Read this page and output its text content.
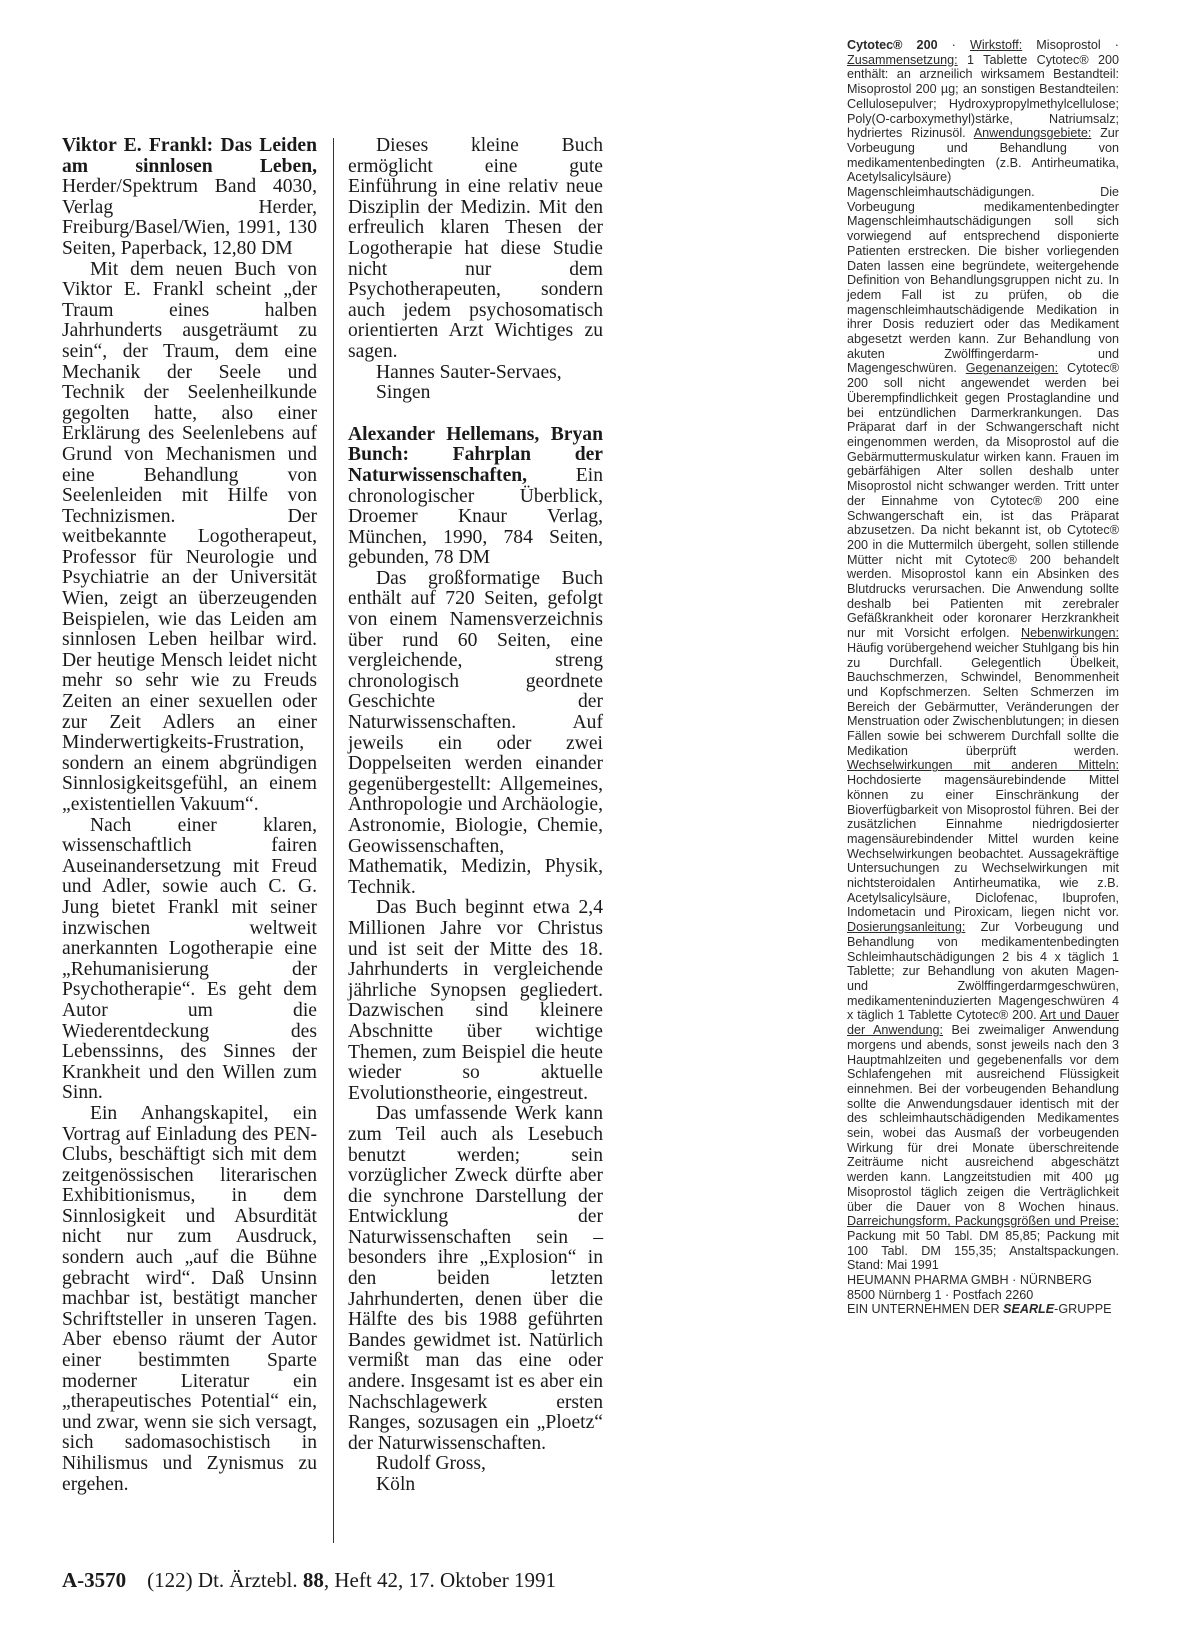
Viktor E. Frankl: Das Leiden am sinnlosen Leben, Herder/Spektrum Band 4030, Verlag Herder, Freiburg/Basel/Wien, 1991, 130 Seiten, Paperback, 12,80 DM

Mit dem neuen Buch von Viktor E. Frankl scheint „der Traum eines halben Jahrhunderts ausgeträumt zu sein“, der Traum, dem eine Mechanik der Seele und Technik der Seelenheilkunde gegolten hatte, also einer Erklärung des Seelenlebens auf Grund von Mechanismen und eine Behandlung von Seelenleiden mit Hilfe von Technizismen. Der weitbekannte Logotherapeut, Professor für Neurologie und Psychiatrie an der Universität Wien, zeigt an überzeugenden Beispielen, wie das Leiden am sinnlosen Leben heilbar wird. Der heutige Mensch leidet nicht mehr so sehr wie zu Freuds Zeiten an einer sexuellen oder zur Zeit Adlers an einer Minderwertigkeits-Frustration, sondern an einem abgründigen Sinnlosigkeitsgefühl, an einem „existentiellen Vakuum“.

Nach einer klaren, wissenschaftlich fairen Auseinandersetzung mit Freud und Adler, sowie auch C. G. Jung bietet Frankl mit seiner inzwischen weltweit anerkannten Logotherapie eine „Rehumanisierung der Psychotherapie“. Es geht dem Autor um die Wiederentdeckung des Lebenssinns, des Sinnes der Krankheit und den Willen zum Sinn.

Ein Anhangskapitel, ein Vortrag auf Einladung des PEN-Clubs, beschäftigt sich mit dem zeitgenössischen literarischen Exhibitionismus, in dem Sinnlosigkeit und Absurdität nicht nur zum Ausdruck, sondern auch „auf die Bühne gebracht wird“. Daß Unsinn machbar ist, bestätigt mancher Schriftsteller in unseren Tagen. Aber ebenso räumt der Autor einer bestimmten Sparte moderner Literatur ein „therapeutisches Potential“ ein, und zwar, wenn sie sich versagt, sich sadomasochistisch in Nihilismus und Zynismus zu ergehen.

Dieses kleine Buch ermöglicht eine gute Einführung in eine relativ neue Disziplin der Medizin. Mit den erfreulich klaren Thesen der Logotherapie hat diese Studie nicht nur dem Psychotherapeuten, sondern auch jedem psychosomatisch orientierten Arzt Wichtiges zu sagen.

Hannes Sauter-Servaes,

Singen

Alexander Hellemans, Bryan Bunch: Fahrplan der Naturwissenschaften, Ein chronologischer Überblick, Droemer Knaur Verlag, München, 1990, 784 Seiten, gebunden, 78 DM

Das großformatige Buch enthält auf 720 Seiten, gefolgt von einem Namensverzeichnis über rund 60 Seiten, eine vergleichende, streng chronologisch geordnete Geschichte der Naturwissenschaften. Auf jeweils ein oder zwei Doppelseiten werden einander gegenübergestellt: Allgemeines, Anthropologie und Archäologie, Astronomie, Biologie, Chemie, Geowissenschaften, Mathematik, Medizin, Physik, Technik.

Das Buch beginnt etwa 2,4 Millionen Jahre vor Christus und ist seit der Mitte des 18. Jahrhunderts in vergleichende jährliche Synopsen gegliedert. Dazwischen sind kleinere Abschnitte über wichtige Themen, zum Beispiel die heute wieder so aktuelle Evolutionstheorie, eingestreut.

Das umfassende Werk kann zum Teil auch als Lesebuch benutzt werden; sein vorzüglicher Zweck dürfte aber die synchrone Darstellung der Entwicklung der Naturwissenschaften sein – besonders ihre „Explosion“ in den beiden letzten Jahrhunderten, denen über die Hälfte des bis 1988 geführten Bandes gewidmet ist. Natürlich vermißt man das eine oder andere. Insgesamt ist es aber ein Nachschlagewerk ersten Ranges, sozusagen ein „Ploetz“ der Naturwissenschaften.

Rudolf Gross,

Köln

A-3570 (122) Dt. Ärztebl. 88, Heft 42, 17. Oktober 1991
Cytotec® 200 · Wirkstoff: Misoprostol · Zusammensetzung: 1 Tablette Cytotec® 200 enthält: an arzneilich wirksamem Bestandteil: Misoprostol 200 µg; an sonstigen Bestandteilen: Cellulosepulver; Hydroxypropylmethylcellulose; Poly(O-carboxymethyl)stärke, Natriumsalz; hydriertes Rizinusöl. Anwendungsgebiete: Zur Vorbeugung und Behandlung von medikamentenbedingten (z.B. Antirheumatika, Acetylsalicylsäure) Magenschleimhautschädigungen. Die Vorbeugung medikamentenbedingter Magenschleimhautschädigungen soll sich vorwiegend auf entsprechend disponierte Patienten erstrecken. Die bisher vorliegenden Daten lassen eine begründete, weitergehende Definition von Behandlungsgruppen nicht zu. In jedem Fall ist zu prüfen, ob die magenschleimhautschädigende Medikation in ihrer Dosis reduziert oder das Medikament abgesetzt werden kann. Zur Behandlung von akuten Zwölffingerdarm- und Magengeschwüren. Gegenanzeigen: Cytotec® 200 soll nicht angewendet werden bei Überempfindlichkeit gegen Prostaglandine und bei entzündlichen Darmerkrankungen. Das Präparat darf in der Schwangerschaft nicht eingenommen werden, da Misoprostol auf die Gebärmuttermuskulatur wirken kann. Frauen im gebärfähigen Alter sollen deshalb unter Misoprostol nicht schwanger werden. Tritt unter der Einnahme von Cytotec® 200 eine Schwangerschaft ein, ist das Präparat abzusetzen. Da nicht bekannt ist, ob Cytotec® 200 in die Muttermilch übergeht, sollen stillende Mütter nicht mit Cytotec® 200 behandelt werden. Misoprostol kann ein Absinken des Blutdrucks verursachen. Die Anwendung sollte deshalb bei Patienten mit zerebraler Gefäßkrankheit oder koronarer Herzkrankheit nur mit Vorsicht erfolgen. Nebenwirkungen: Häufig vorübergehend weicher Stuhlgang bis hin zu Durchfall. Gelegentlich Übelkeit, Bauchschmerzen, Schwindel, Benommenheit und Kopfschmerzen. Selten Schmerzen im Bereich der Gebärmutter, Veränderungen der Menstruation oder Zwischenblutungen; in diesen Fällen sowie bei schwerem Durchfall sollte die Medikation überprüft werden. Wechselwirkungen mit anderen Mitteln: Hochdosierte magensäurebindende Mittel können zu einer Einschränkung der Bioverfügbarkeit von Misoprostol führen. Bei der zusätzlichen Einnahme niedrigdosierter magensäurebindender Mittel wurden keine Wechselwirkungen beobachtet. Aussagekräftige Untersuchungen zu Wechselwirkungen mit nichtsteroidalen Antirheumatika, wie z.B. Acetylsalicylsäure, Diclofenac, Ibuprofen, Indometacin und Piroxicam, liegen nicht vor. Dosierungsanleitung: Zur Vorbeugung und Behandlung von medikamentenbedingten Schleimhautschädigungen 2 bis 4 x täglich 1 Tablette; zur Behandlung von akuten Magen- und Zwölffingerdarmgeschwüren, medikamenteninduzierten Magengeschwüren 4 x täglich 1 Tablette Cytotec® 200. Art und Dauer der Anwendung: Bei zweimaliger Anwendung morgens und abends, sonst jeweils nach den 3 Hauptmahlzeiten und gegebenenfalls vor dem Schlafengehen mit ausreichend Flüssigkeit einnehmen. Bei der vorbeugenden Behandlung sollte die Anwendungsdauer identisch mit der des schleimhautschädigenden Medikamentes sein, wobei das Ausmaß der vorbeugenden Wirkung für drei Monate überschreitende Zeiträume nicht ausreichend abgeschätzt werden kann. Langzeitstudien mit 400 µg Misoprostol täglich zeigen die Verträglichkeit über die Dauer von 8 Wochen hinaus. Darreichungsform, Packungsgrößen und Preise: Packung mit 50 Tabl. DM 85,85; Packung mit 100 Tabl. DM 155,35; Anstaltspackungen. Stand: Mai 1991
HEUMANN PHARMA GMBH · NÜRNBERG
8500 Nürnberg 1 · Postfach 2260
EIN UNTERNEHMEN DER SEARLE-GRUPPE
